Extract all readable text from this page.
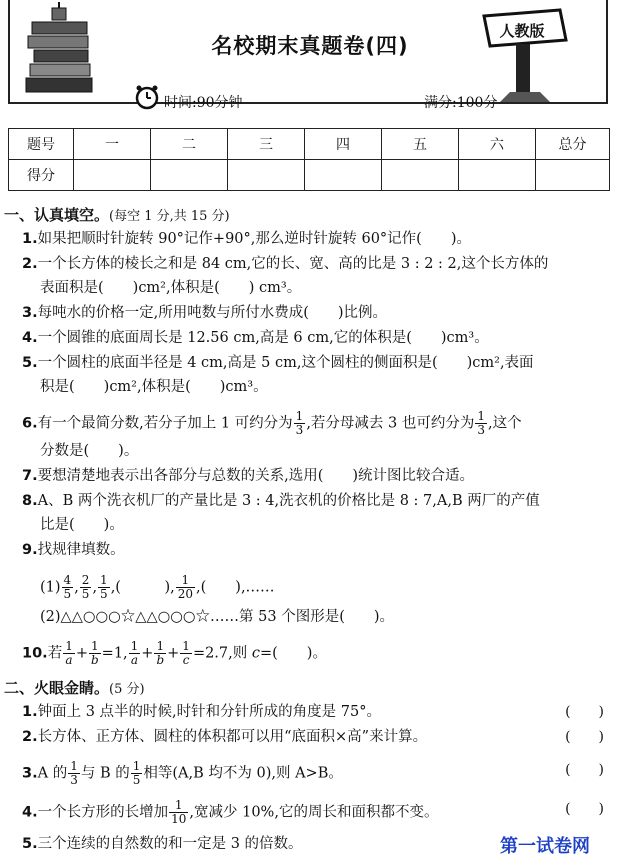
名校期末真题卷(四)
人教版
时间:90分钟	满分:100分
题号	一	二	三	四	五	六	总分
得分							
一、认真填空。(每空 1 分,共 15 分)
1.如果把顺时针旋转 90°记作+90°,那么逆时针旋转 60°记作(　　)。
2.一个长方体的棱长之和是 84 cm,它的长、宽、高的比是 3 : 2 : 2,这个长方体的
表面积是(　　)cm²,体积是(　　) cm³。
3.每吨水的价格一定,所用吨数与所付水费成(　　)比例。
4.一个圆锥的底面周长是 12.56 cm,高是 6 cm,它的体积是(　　)cm³。
5.一个圆柱的底面半径是 4 cm,高是 5 cm,这个圆柱的侧面积是(　　)cm²,表面
积是(　　)cm²,体积是(　　)cm³。
6.有一个最简分数,若分子加上 1 可约分为 $\frac{1}{3}$ ,若分母减去 3 也可约分为 $\frac{1}{3}$ ,这个
分数是(　　)。
7.要想清楚地表示出各部分与总数的关系,选用(　　)统计图比较合适。
8.A、B 两个洗衣机厂的产量比是 3 : 4,洗衣机的价格比是 8 : 7,A,B 两厂的产值
比是(　　)。
9.找规律填数。
$(1) \frac{4}{5}$ , $\frac{2}{5}$ , $\frac{1}{5}$ ,(　　　), $\frac{1}{20}$ ,(　　),……
(2)△△○○○☆△△○○○☆……第 53 个图形是(　　)。
10.若 $\frac{1}{a} + \frac{1}{b} =1$, $\frac{1}{a} + \frac{1}{b} + \frac{1}{c} =2.7$,则 c=(　　)。
二、火眼金睛。(5 分)
1.钟面上 3 点半的时候,时针和分针所成的角度是 75°。	(　　)
2.长方体、正方体、圆柱的体积都可以用“底面积×高”来计算。	(　　)
3.A 的 $\frac{1}{3}$ 与 B 的 $\frac{1}{5}$ 相等(A,B 均不为 0),则 A>B。	(　　)
4.一个长方形的长增加 $\frac{1}{10}$ ,宽减少 10%,它的周长和面积都不变。	(　　)
5.三个连续的自然数的和一定是 3 的倍数。	第一试卷网
